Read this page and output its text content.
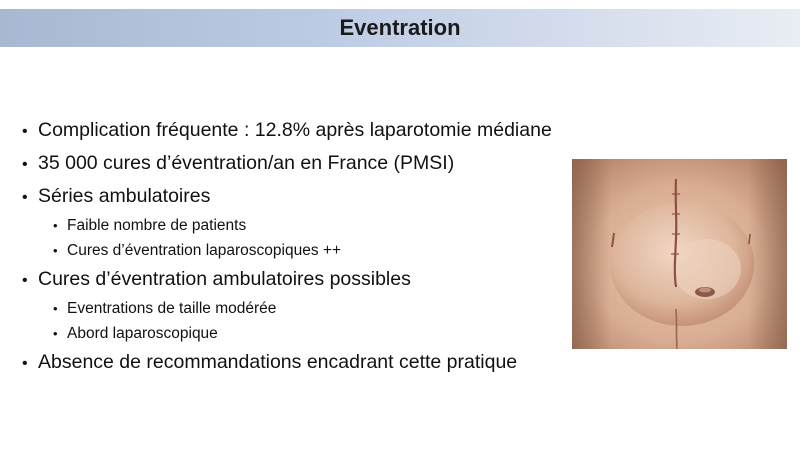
Eventration
• Complication fréquente : 12.8% après laparotomie médiane
• 35 000 cures d’éventration/an en France (PMSI)
• Séries ambulatoires
• Faible nombre de patients
• Cures d’éventration laparoscopiques ++
• Cures d’éventration ambulatoires possibles
• Eventrations de taille modérée
• Abord laparoscopique
• Absence de recommandations encadrant cette pratique
